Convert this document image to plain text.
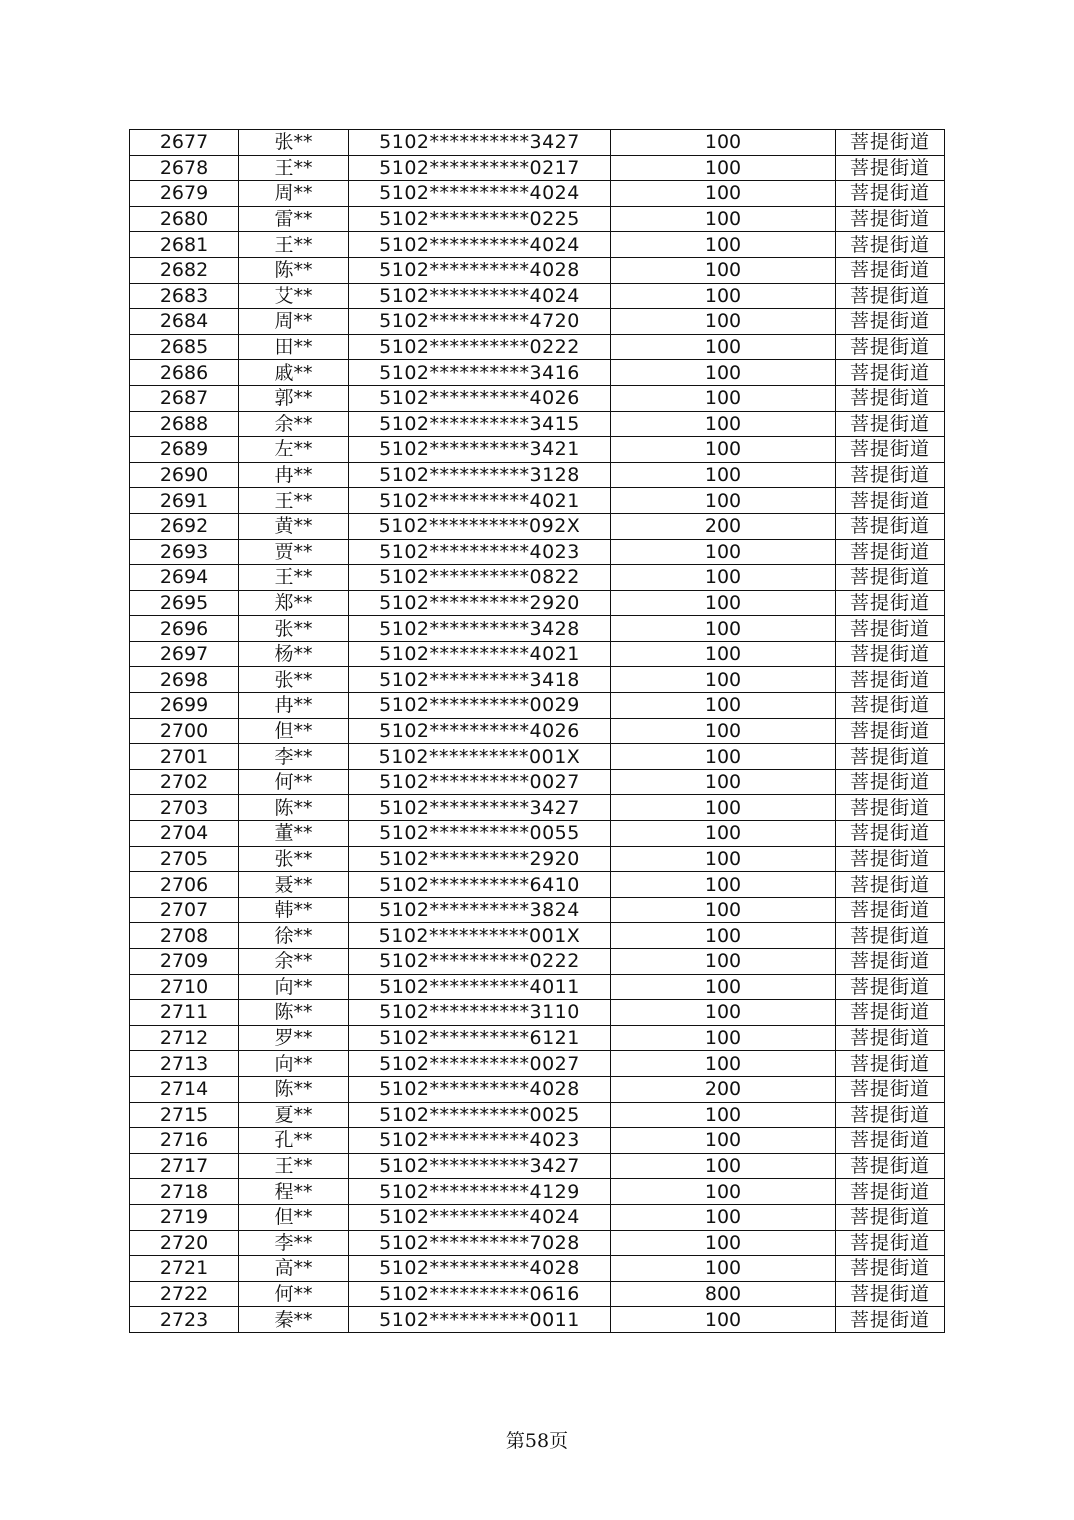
2677	张**	5102**********3427	100	菩提街道
2678	王**	5102**********0217	100	菩提街道
2679	周**	5102**********4024	100	菩提街道
2680	雷**	5102**********0225	100	菩提街道
2681	王**	5102**********4024	100	菩提街道
2682	陈**	5102**********4028	100	菩提街道
2683	艾**	5102**********4024	100	菩提街道
2684	周**	5102**********4720	100	菩提街道
2685	田**	5102**********0222	100	菩提街道
2686	戚**	5102**********3416	100	菩提街道
2687	郭**	5102**********4026	100	菩提街道
2688	余**	5102**********3415	100	菩提街道
2689	左**	5102**********3421	100	菩提街道
2690	冉**	5102**********3128	100	菩提街道
2691	王**	5102**********4021	100	菩提街道
2692	黄**	5102**********092X	200	菩提街道
2693	贾**	5102**********4023	100	菩提街道
2694	王**	5102**********0822	100	菩提街道
2695	郑**	5102**********2920	100	菩提街道
2696	张**	5102**********3428	100	菩提街道
2697	杨**	5102**********4021	100	菩提街道
2698	张**	5102**********3418	100	菩提街道
2699	冉**	5102**********0029	100	菩提街道
2700	但**	5102**********4026	100	菩提街道
2701	李**	5102**********001X	100	菩提街道
2702	何**	5102**********0027	100	菩提街道
2703	陈**	5102**********3427	100	菩提街道
2704	董**	5102**********0055	100	菩提街道
2705	张**	5102**********2920	100	菩提街道
2706	聂**	5102**********6410	100	菩提街道
2707	韩**	5102**********3824	100	菩提街道
2708	徐**	5102**********001X	100	菩提街道
2709	余**	5102**********0222	100	菩提街道
2710	向**	5102**********4011	100	菩提街道
2711	陈**	5102**********3110	100	菩提街道
2712	罗**	5102**********6121	100	菩提街道
2713	向**	5102**********0027	100	菩提街道
2714	陈**	5102**********4028	200	菩提街道
2715	夏**	5102**********0025	100	菩提街道
2716	孔**	5102**********4023	100	菩提街道
2717	王**	5102**********3427	100	菩提街道
2718	程**	5102**********4129	100	菩提街道
2719	但**	5102**********4024	100	菩提街道
2720	李**	5102**********7028	100	菩提街道
2721	高**	5102**********4028	100	菩提街道
2722	何**	5102**********0616	800	菩提街道
2723	秦**	5102**********0011	100	菩提街道
第58页
